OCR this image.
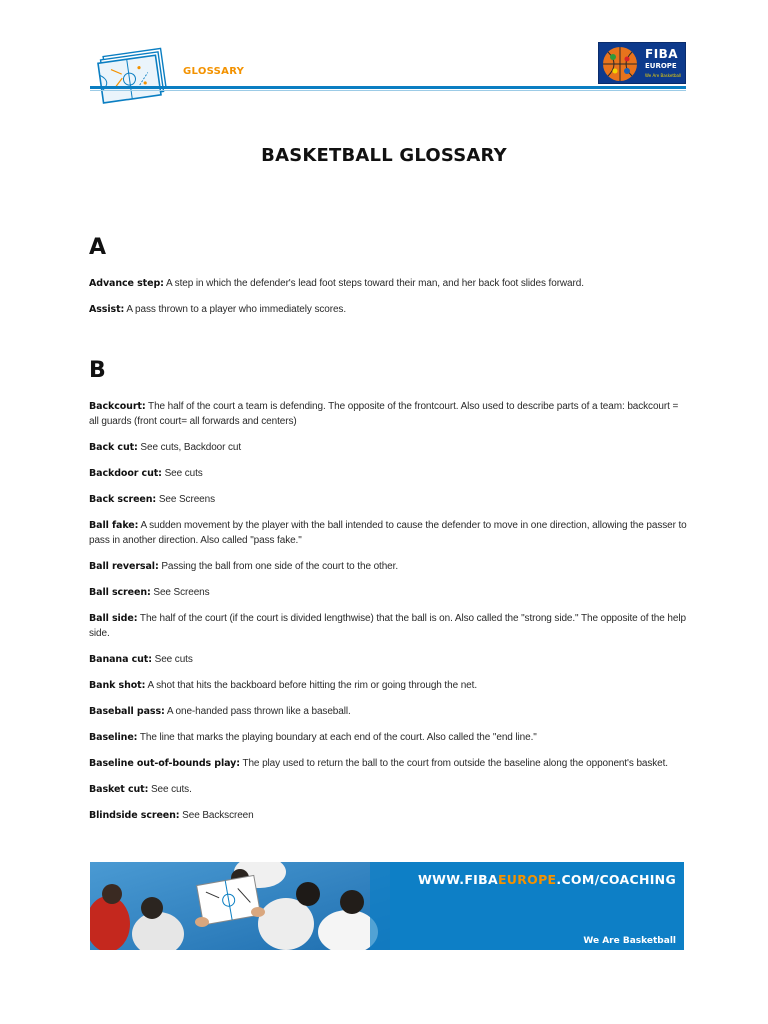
GLOSSARY
FIBA
EUROPE
We Are Basketball
BASKETBALL GLOSSARY
A
Advance step: A step in which the defender's lead foot steps toward their man, and her back foot slides forward.
Assist: A pass thrown to a player who immediately scores.
B
Backcourt: The half of the court a team is defending. The opposite of the frontcourt. Also used to describe parts of a team: backcourt = all guards (front court= all forwards and centers)
Back cut: See cuts, Backdoor cut
Backdoor cut: See cuts
Back screen: See Screens
Ball fake: A sudden movement by the player with the ball intended to cause the defender to move in one direction, allowing the passer to pass in another direction. Also called "pass fake."
Ball reversal: Passing the ball from one side of the court to the other.
Ball screen: See Screens
Ball side: The half of the court (if the court is divided lengthwise) that the ball is on. Also called the "strong side." The opposite of the help side.
Banana cut: See cuts
Bank shot: A shot that hits the backboard before hitting the rim or going through the net.
Baseball pass: A one-handed pass thrown like a baseball.
Baseline: The line that marks the playing boundary at each end of the court. Also called the "end line."
Baseline out-of-bounds play: The play used to return the ball to the court from outside the baseline along the opponent's basket.
Basket cut: See cuts.
Blindside screen: See Backscreen
WWW.FIBAEUROPE.COM/COACHING
We Are Basketball
